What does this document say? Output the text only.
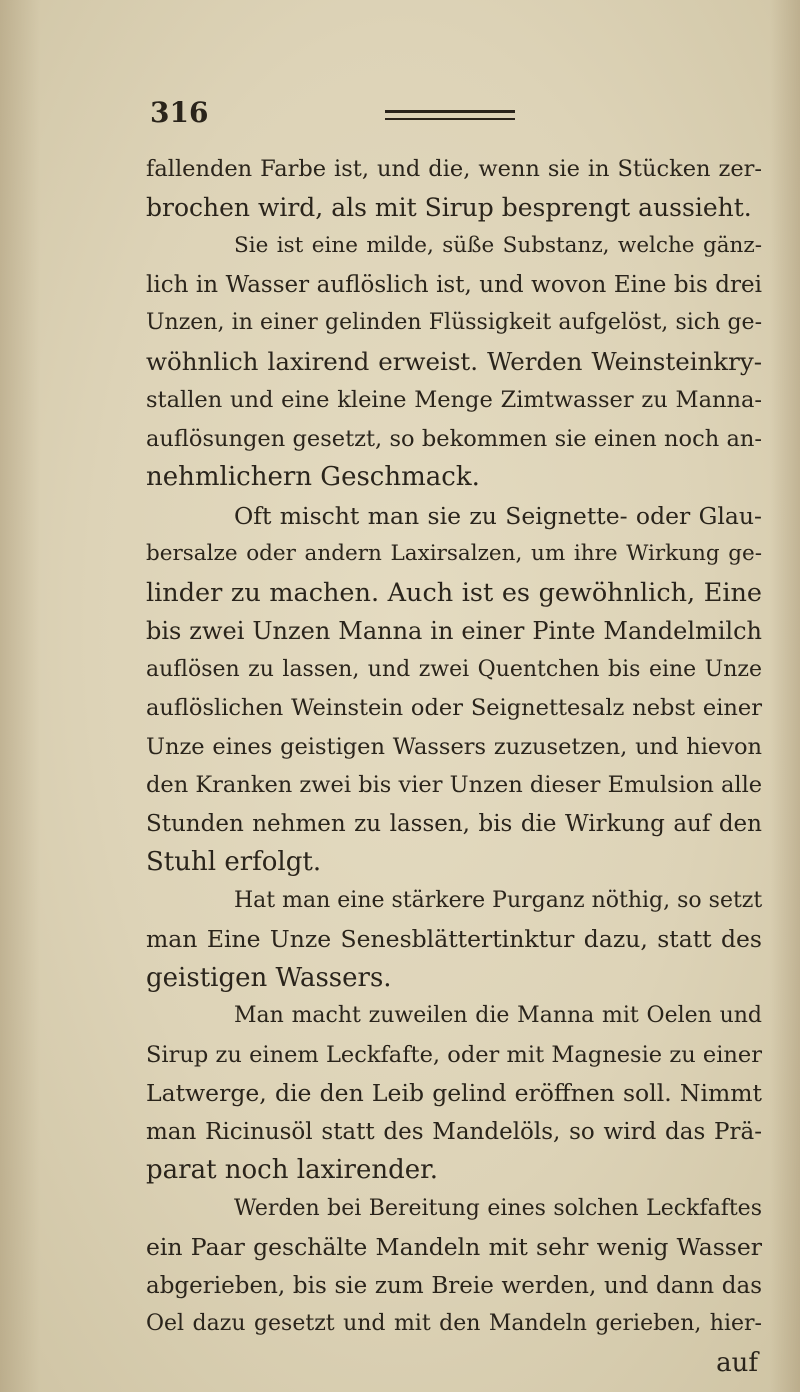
316
fallenden Farbe ist, und die, wenn sie in Stücken zer-
brochen wird, als mit Sirup besprengt aussieht.
Sie ist eine milde, süße Substanz, welche gänz-
lich in Wasser auflöslich ist, und wovon Eine bis drei
Unzen, in einer gelinden Flüssigkeit aufgelöst, sich ge-
wöhnlich laxirend erweist. Werden Weinsteinkry-
stallen und eine kleine Menge Zimtwasser zu Manna-
auflösungen gesetzt, so bekommen sie einen noch an-
nehmlichern Geschmack.
Oft mischt man sie zu Seignette- oder Glau-
bersalze oder andern Laxirsalzen, um ihre Wirkung ge-
linder zu machen. Auch ist es gewöhnlich, Eine
bis zwei Unzen Manna in einer Pinte Mandelmilch
auflösen zu lassen, und zwei Quentchen bis eine Unze
auflöslichen Weinstein oder Seignettesalz nebst einer
Unze eines geistigen Wassers zuzusetzen, und hievon
den Kranken zwei bis vier Unzen dieser Emulsion alle
Stunden nehmen zu lassen, bis die Wirkung auf den
Stuhl erfolgt.
Hat man eine stärkere Purganz nöthig, so setzt
man Eine Unze Senesblättertinktur dazu, statt des
geistigen Wassers.
Man macht zuweilen die Manna mit Oelen und
Sirup zu einem Leckfafte, oder mit Magnesie zu einer
Latwerge, die den Leib gelind eröffnen soll. Nimmt
man Ricinusöl statt des Mandelöls, so wird das Prä-
parat noch laxirender.
Werden bei Bereitung eines solchen Leckfaftes
ein Paar geschälte Mandeln mit sehr wenig Wasser
abgerieben, bis sie zum Breie werden, und dann das
Oel dazu gesetzt und mit den Mandeln gerieben, hier-
auf
